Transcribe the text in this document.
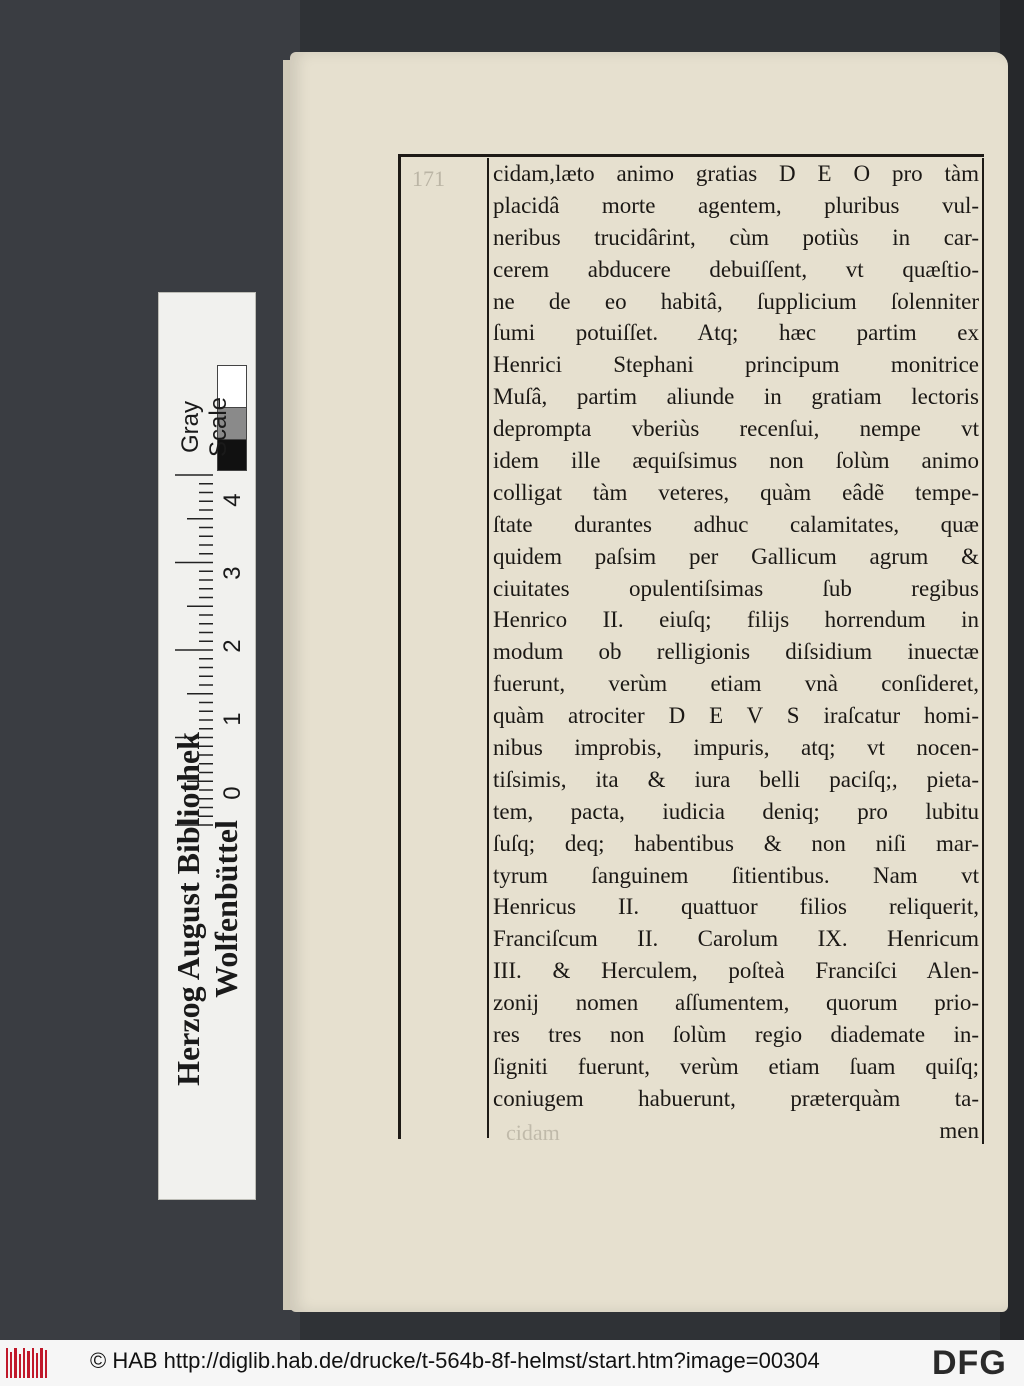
171 cidam,læto animo gratias D E O pro tàm
placidâ morte agentem, pluribus vul-
neribus trucidârint, cùm potiùs in car-
cerem abducere debuiſſent, vt quæſtio-
ne de eo habitâ, ſupplicium ſolenniter
ſumi potuiſſet. Atq; hæc partim ex
Henrici Stephani principum monitrice
Muſâ, partim aliunde in gratiam lectoris
deprompta vberiùs recenſui, nempe vt
idem ille æquiſsimus non ſolùm animo
colligat tàm veteres, quàm eâdẽ tempe-
ſtate durantes adhuc calamitates, quæ
quidem paſsim per Gallicum agrum &
ciuitates opulentiſsimas ſub regibus
Henrico II. eiuſq; filijs horrendum in
modum ob relligionis diſsidium inuectæ
fuerunt, verùm etiam vnà conſideret,
quàm atrociter D E V S iraſcatur homi-
nibus improbis, impuris, atq; vt nocen-
tiſsimis, ita & iura belli paciſq;, pieta-
tem, pacta, iudicia deniq; pro lubitu
ſuſq; deq; habentibus & non niſi mar-
tyrum ſanguinem ſitientibus. Nam vt
Henricus II. quattuor filios reliquerit,
Franciſcum II. Carolum IX. Henricum
III. & Herculem, poſteà Franciſci Alen-
zonij nomen aſſumentem, quorum prio-
res tres non ſolùm regio diademate in-
ſigniti fuerunt, verùm etiam ſuam quiſq;
coniugem habuerunt, præterquàm ta-
men
cidam
Gray Scale
4
3
2
1
0
Herzog August Bibliothek Wolfenbüttel
© HAB http://diglib.hab.de/drucke/t-564b-8f-helmst/start.htm?image=00304	DFG
